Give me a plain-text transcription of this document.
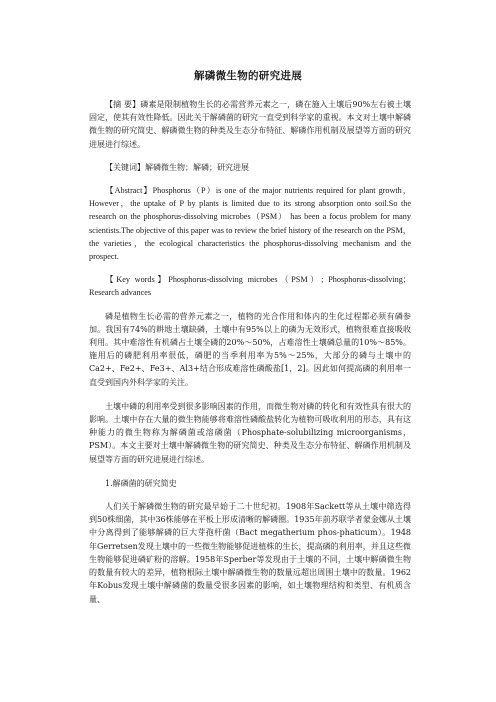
解磷微生物的研究进展

【摘 要】磷素是限制植物生长的必需营养元素之一，磷在施入土壤后90%左右被土壤固定，使其有效性降低。因此关于解磷菌的研究一直受到科学家的重视。本文对土壤中解磷微生物的研究简史、解磷微生物的种类及生态分布特征、解磷作用机制及展望等方面的研究进展进行综述。

【关键词】解磷微生物；解磷；研究进展

【Abstract】Phosphorus（P）is one of the major nutrients required for plant growth，However，the uptake of P by plants is limited due to its strong absorption onto soil.So the research on the phosphorus-dissolving microbes（PSM） has been a focus problem for many scientists.The objective of this paper was to review the brief history of the research on the PSM，the varieties，the ecological characteristics the phosphorus-dissolving mechanism and the prospect.

【Key words】Phosphorus-dissolving microbes（PSM）; Phosphorus-dissolving；Research advances

磷是植物生长必需的营养元素之一，植物的光合作用和体内的生化过程都必须有磷参加。我国有74%的耕地土壤缺磷，土壤中有95%以上的磷为无效形式，植物很难直接吸收利用。其中难溶性有机磷占土壤全磷的20%～50%，占难溶性土壤磷总量的10%～85%。施用后的磷肥利用率很低，磷肥的当季利用率为5%～25%，大部分的磷与土壤中的Ca2+、Fe2+、Fe3+、Al3+结合形成难溶性磷酸盐[1，2]。因此如何提高磷的利用率一直受到国内外科学家的关注。

土壤中磷的利用率受到很多影响因素的作用，而微生物对磷的转化和有效性具有很大的影响。土壤中存在大量的微生物能够将难溶性磷酸盐转化为植物可吸收利用的形态，具有这种能力的微生物称为解磷菌或溶磷菌（Phosphate-solubilizing microorganisms，PSM）。本文主要对土壤中解磷微生物的研究简史、种类及生态分布特征、解磷作用机制及展望等方面的研究进展进行综述。

1.解磷菌的研究简史

人们关于解磷微生物的研究最早始于二十世纪初。1908年Sackett等从土壤中筛选得到50株细菌，其中36株能够在平板上形成清晰的解磷圈。1935年前苏联学者蒙金娜从土壤中分离得到了能够解磷的巨大芽孢杆菌（Bact megatherium phos-phaticum）。1948年Gerretsen发现土壤中的一些微生物能够促进植株的生长，提高磷的利用率，并且这些微生物能够促进磷矿粉的溶解。1958年Sperber等发现由于土壤的不同，土壤中解磷微生物的数量有较大的差异，植物根际土壤中解磷微生物的数量远超出周围土壤中的数量。1962年Kobus发现土壤中解磷菌的数量受很多因素的影响，如土壤物理结构和类型、有机质含量、
